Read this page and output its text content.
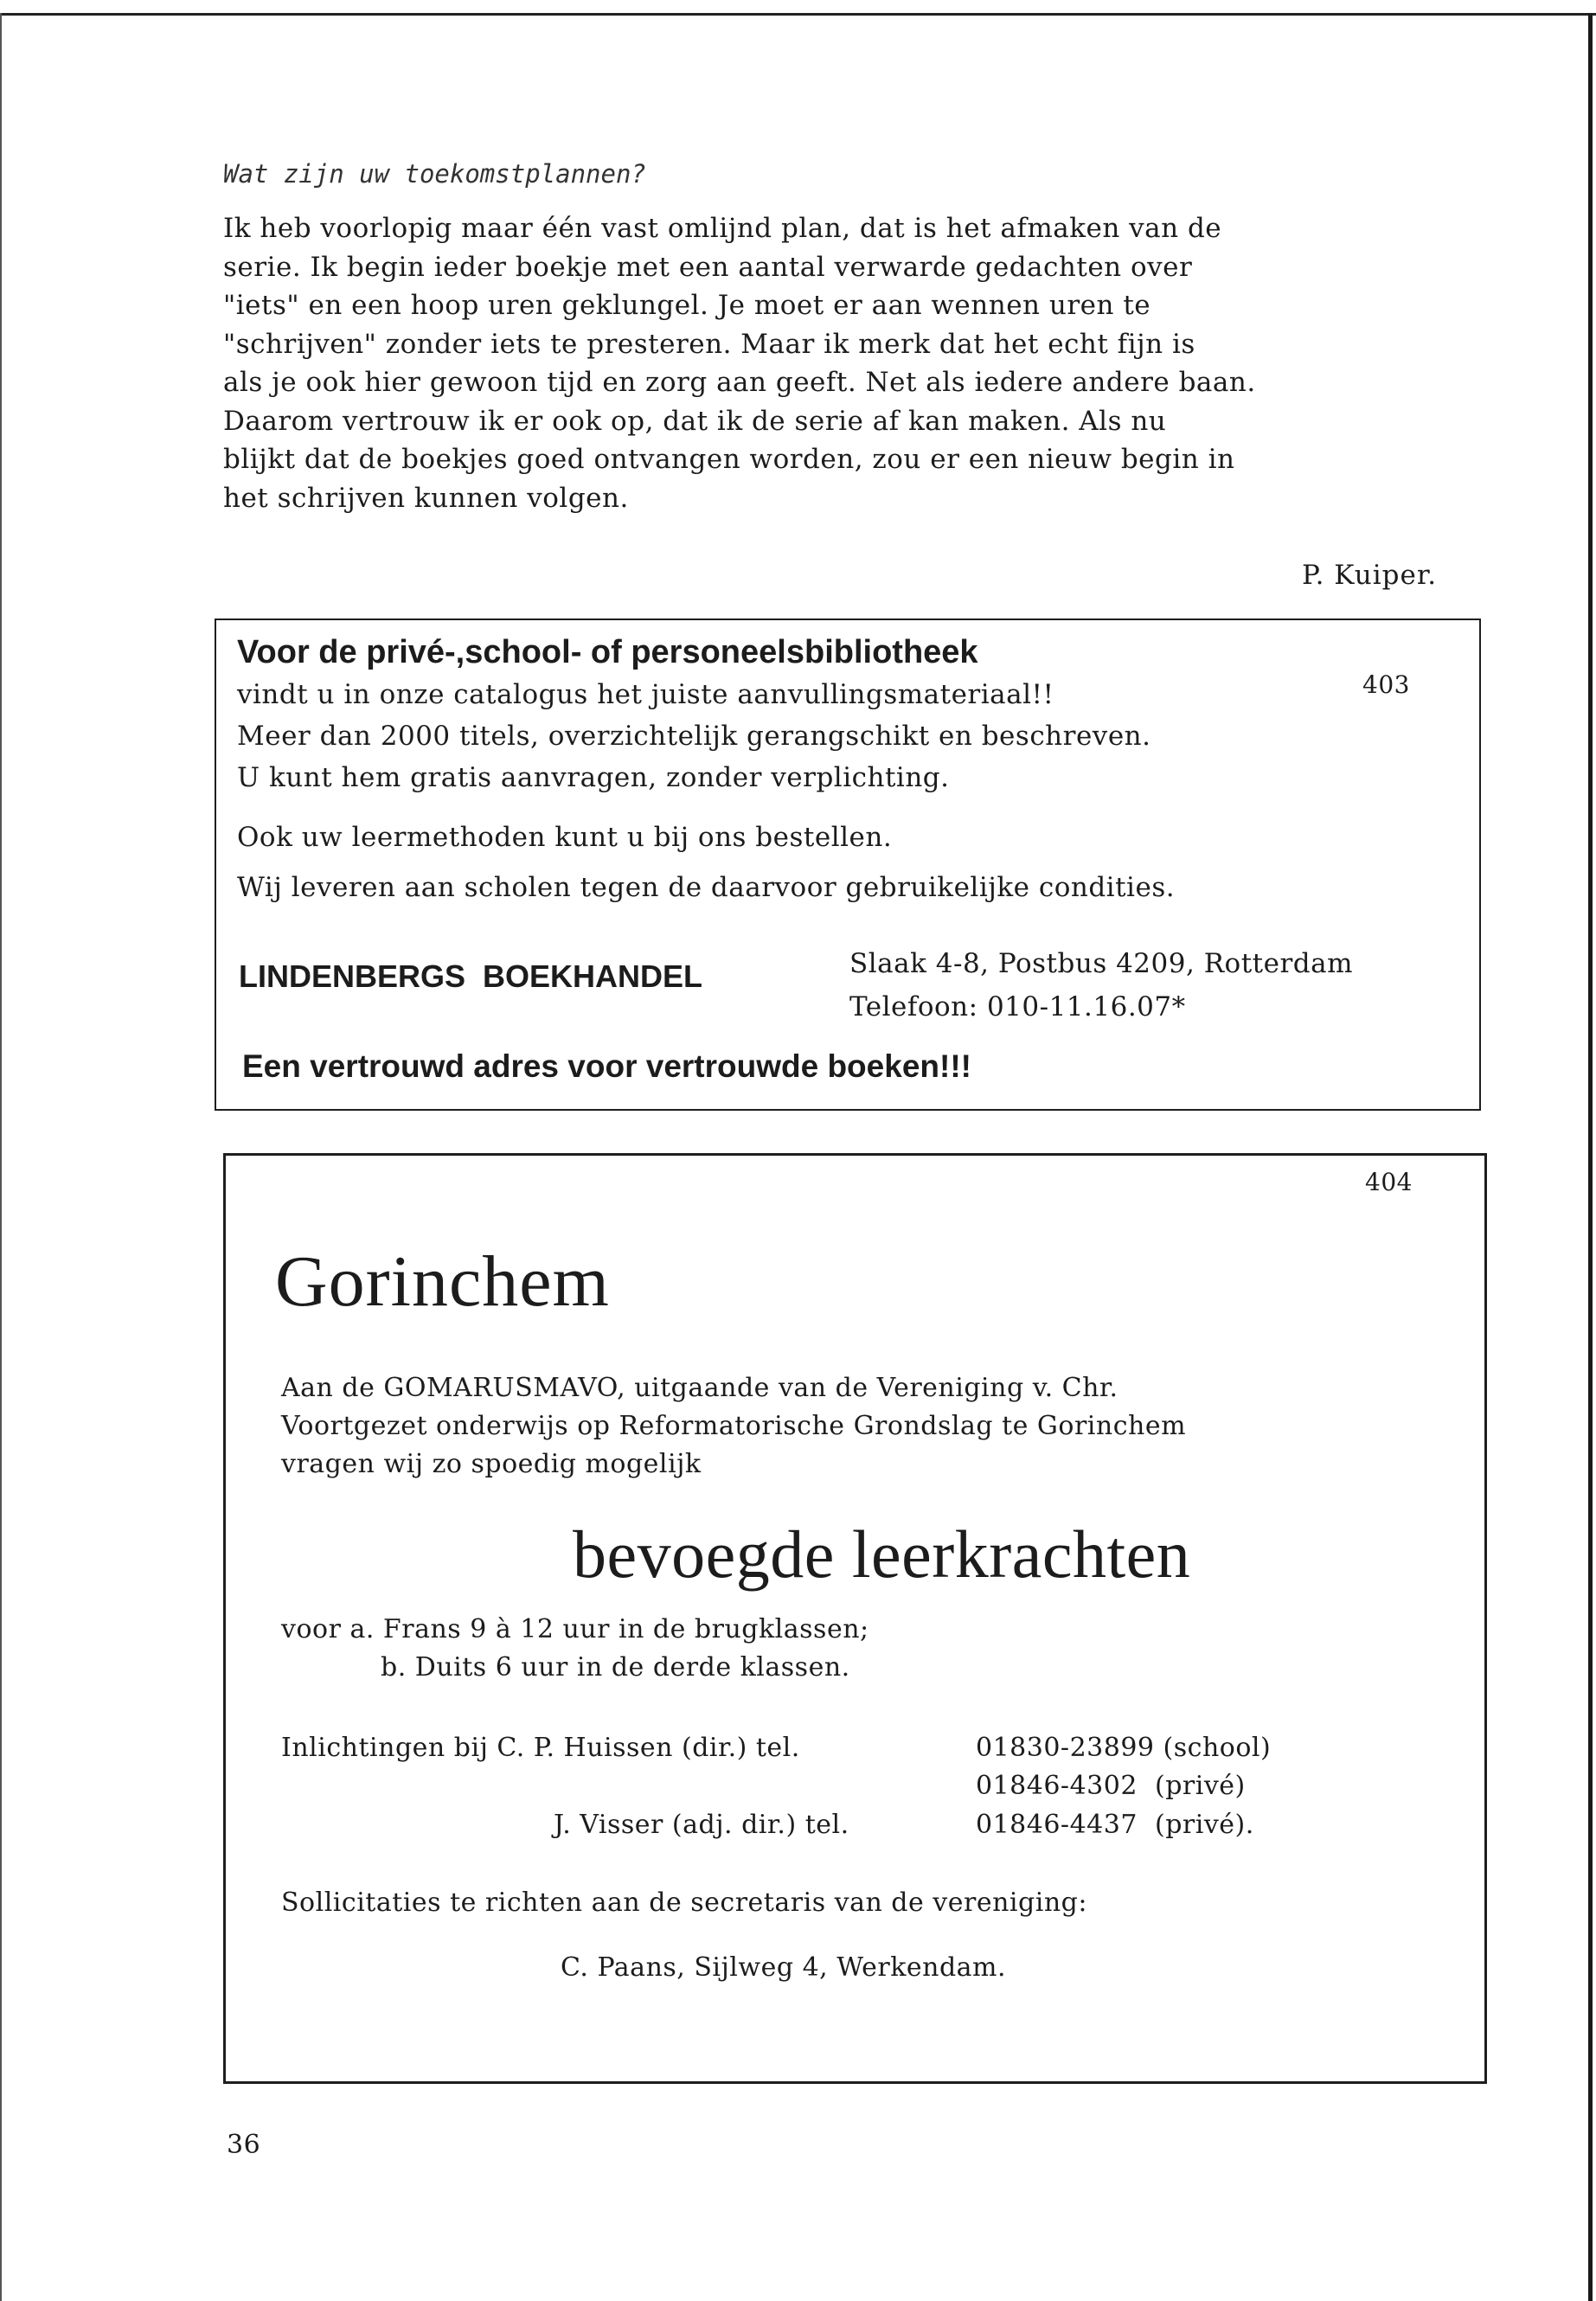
Wat zijn uw toekomstplannen?
Ik heb voorlopig maar één vast omlijnd plan, dat is het afmaken van de
serie. Ik begin ieder boekje met een aantal verwarde gedachten over
"iets" en een hoop uren geklungel. Je moet er aan wennen uren te
"schrijven" zonder iets te presteren. Maar ik merk dat het echt fijn is
als je ook hier gewoon tijd en zorg aan geeft. Net als iedere andere baan.
Daarom vertrouw ik er ook op, dat ik de serie af kan maken. Als nu
blijkt dat de boekjes goed ontvangen worden, zou er een nieuw begin in
het schrijven kunnen volgen.
P. Kuiper.
Voor de privé-,school- of personeelsbibliotheek
403
vindt u in onze catalogus het juiste aanvullingsmateriaal!!
Meer dan 2000 titels, overzichtelijk gerangschikt en beschreven.
U kunt hem gratis aanvragen, zonder verplichting.
Ook uw leermethoden kunt u bij ons bestellen.
Wij leveren aan scholen tegen de daarvoor gebruikelijke condities.
LINDENBERGS  BOEKHANDEL	Slaak 4-8, Postbus 4209, Rotterdam
Telefoon: 010-11.16.07*
Een vertrouwd adres voor vertrouwde boeken!!!
404
Gorinchem
Aan de GOMARUSMAVO, uitgaande van de Vereniging v. Chr.
Voortgezet onderwijs op Reformatorische Grondslag te Gorinchem
vragen wij zo spoedig mogelijk
bevoegde leerkrachten
voor a. Frans 9 à 12 uur in de brugklassen;
b. Duits 6 uur in de derde klassen.
Inlichtingen bij C. P. Huissen (dir.) tel.	01830-23899 (school)
01846-4302  (privé)
J. Visser (adj. dir.) tel.	01846-4437  (privé).
Sollicitaties te richten aan de secretaris van de vereniging:
C. Paans, Sijlweg 4, Werkendam.
36
